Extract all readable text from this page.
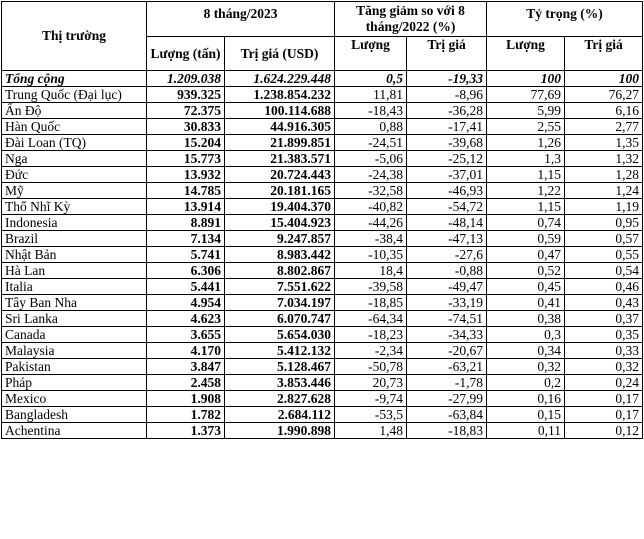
Thị trường	8 tháng/2023		Tăng giảm so với 8 tháng/2022 (%)		Tỷ trọng (%)	
	Lượng (tấn)	Trị giá (USD)	Lượng	Trị giá	Lượng	Trị giá
Tổng cộng	1.209.038	1.624.229.448	0,5	-19,33	100	100
Trung Quốc (Đại lục)	939.325	1.238.854.232	11,81	-8,96	77,69	76,27
Ấn Độ	72.375	100.114.688	-18,43	-36,28	5,99	6,16
Hàn Quốc	30.833	44.916.305	0,88	-17,41	2,55	2,77
Đài Loan (TQ)	15.204	21.899.851	-24,51	-39,68	1,26	1,35
Nga	15.773	21.383.571	-5,06	-25,12	1,3	1,32
Đức	13.932	20.724.443	-24,38	-37,01	1,15	1,28
Mỹ	14.785	20.181.165	-32,58	-46,93	1,22	1,24
Thổ Nhĩ Kỳ	13.914	19.404.370	-40,82	-54,72	1,15	1,19
Indonesia	8.891	15.404.923	-44,26	-48,14	0,74	0,95
Brazil	7.134	9.247.857	-38,4	-47,13	0,59	0,57
Nhật Bản	5.741	8.983.442	-10,35	-27,6	0,47	0,55
Hà Lan	6.306	8.802.867	18,4	-0,88	0,52	0,54
Italia	5.441	7.551.622	-39,58	-49,47	0,45	0,46
Tây Ban Nha	4.954	7.034.197	-18,85	-33,19	0,41	0,43
Sri Lanka	4.623	6.070.747	-64,34	-74,51	0,38	0,37
Canada	3.655	5.654.030	-18,23	-34,33	0,3	0,35
Malaysia	4.170	5.412.132	-2,34	-20,67	0,34	0,33
Pakistan	3.847	5.128.467	-50,78	-63,21	0,32	0,32
Pháp	2.458	3.853.446	20,73	-1,78	0,2	0,24
Mexico	1.908	2.827.628	-9,74	-27,99	0,16	0,17
Bangladesh	1.782	2.684.112	-53,5	-63,84	0,15	0,17
Achentina	1.373	1.990.898	1,48	-18,83	0,11	0,12
